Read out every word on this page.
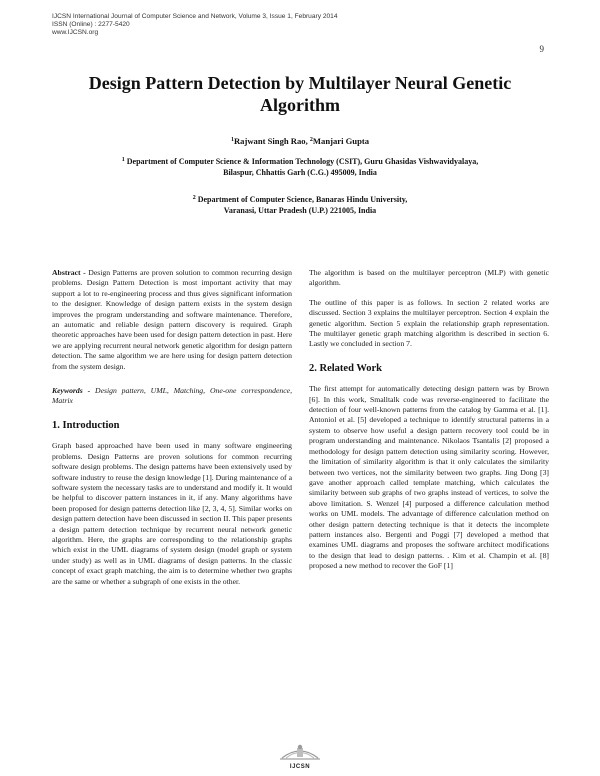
IJCSN International Journal of Computer Science and Network, Volume 3, Issue 1, February 2014
ISSN (Online) : 2277-5420
www.IJCSN.org
9
Design Pattern Detection by Multilayer Neural Genetic Algorithm
$^1$Rajwant Singh Rao, $^2$Manjari Gupta
$^1$ Department of Computer Science & Information Technology (CSIT), Guru Ghasidas Vishwavidyalaya,
Bilaspur, Chhattis Garh (C.G.) 495009, India
$^2$ Department of Computer Science, Banaras Hindu University,
Varanasi, Uttar Pradesh (U.P.) 221005, India

Abstract - Design Patterns are proven solution to common recurring design problems. Design Pattern Detection is most important activity that may support a lot to re-engineering process and thus gives significant information to the designer. Knowledge of design pattern exists in the system design improves the program understanding and software maintenance. Therefore, an automatic and reliable design pattern discovery is required. Graph theoretic approaches have been used for design pattern detection in past. Here we are applying recurrent neural network genetic algorithm for design pattern detection. The same algorithm we are here using for design pattern detection from the system design.

Keywords - Design pattern, UML, Matching, One-one correspondence, Matrix

1. Introduction

Graph based approached have been used in many software engineering problems. Design Patterns are proven solutions for common recurring software design problems. The design patterns have been extensively used by software industry to reuse the design knowledge [1]. During maintenance of a software system the necessary tasks are to understand and modify it. It would be helpful to discover pattern instances in it, if any. Many algorithms have been proposed for design patterns detection like [2, 3, 4, 5]. Similar works on design pattern detection have been discussed in section II. This paper presents a design pattern detection technique by recurrent neural network genetic algorithm. Here, the graphs are corresponding to the relationship graphs which exist in the UML diagrams of system design (model graph or system under study) as well as in UML diagrams of design patterns. In the classic concept of exact graph matching, the aim is to determine whether two graphs are the same or whether a subgraph of one exists in the other.

The algorithm is based on the multilayer perceptron (MLP) with genetic algorithm.

The outline of this paper is as follows. In section 2 related works are discussed. Section 3 explains the multilayer perceptron. Section 4 explain the genetic algorithm. Section 5 explain the relationship graph representation. The multilayer genetic graph matching algorithm is described in section 6. Lastly we concluded in section 7.

2. Related Work

The first attempt for automatically detecting design pattern was by Brown [6]. In this work, Smalltalk code was reverse-engineered to facilitate the detection of four well-known patterns from the catalog by Gamma et al. [1]. Antoniol et al. [5] developed a technique to identify structural patterns in a system to observe how useful a design pattern recovery tool could be in program understanding and maintenance. Nikolaos Tsantalis [2] proposed a methodology for design pattern detection using similarity scoring. However, the limitation of similarity algorithm is that it only calculates the similarity between two vertices, not the similarity between two graphs. Jing Dong [3] gave another approach called template matching, which calculates the similarity between sub graphs of two graphs instead of vertices, to solve the above limitation. S. Wenzel [4] purposed a difference calculation method works on UML models. The advantage of difference calculation method on other design pattern detecting technique is that it detects the incomplete pattern instances also. Bergenti and Poggi [7] developed a method that examines UML diagrams and proposes the software architect modifications to the design that lead to design patterns. . Kim et al. Champin et al. [8] proposed a new method to recover the GoF [1]

IJCSN
